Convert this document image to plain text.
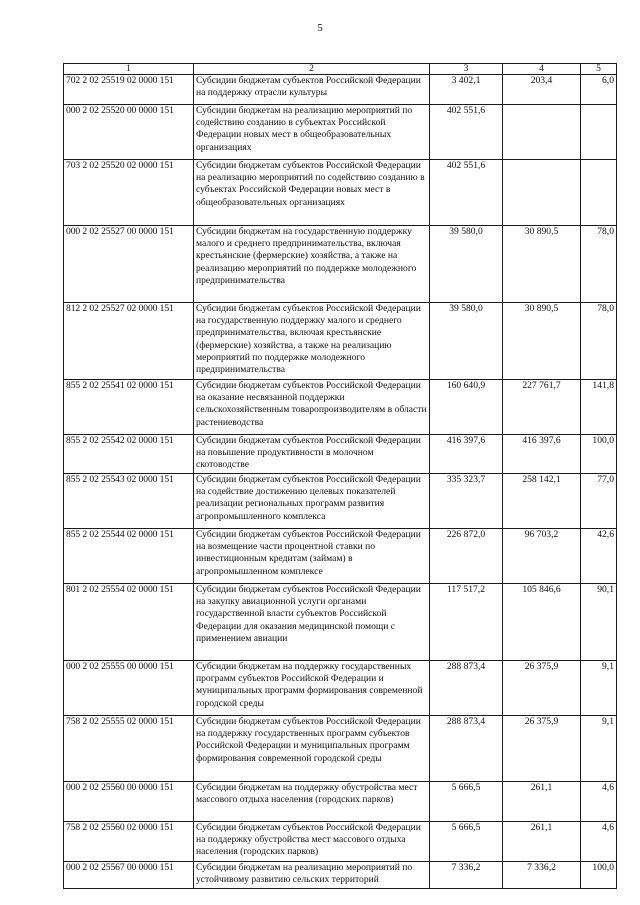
5
1	2	3	4	5
702 2 02 25519 02 0000 151	Субсидии бюджетам субъектов Российской Федерации на поддержку отрасли культуры	3 402,1	203,4	6,0
000 2 02 25520 00 0000 151	Субсидии бюджетам на реализацию мероприятий по содействию созданию в субъектах Российской Федерации новых мест в общеобразовательных организациях	402 551,6		
703 2 02 25520 02 0000 151	Субсидии бюджетам субъектов Российской Федерации на реализацию мероприятий по содействию созданию в субъектах Российской Федерации новых мест в общеобразовательных организациях	402 551,6		
000 2 02 25527 00 0000 151	Субсидии бюджетам на государственную поддержку малого и среднего предпринимательства, включая крестьянские (фермерские) хозяйства, а также на реализацию мероприятий по поддержке молодежного предпринимательства	39 580,0	30 890,5	78,0
812 2 02 25527 02 0000 151	Субсидии бюджетам субъектов Российской Федерации на государственную поддержку малого и среднего предпринимательства, включая крестьянские (фермерские) хозяйства, а также на реализацию мероприятий по поддержке молодежного предпринимательства	39 580,0	30 890,5	78,0
855 2 02 25541 02 0000 151	Субсидии бюджетам субъектов Российской Федерации на оказание несвязанной поддержки сельскохозяйственным товаропроизводителям в области растениеводства	160 640,9	227 761,7	141,8
855 2 02 25542 02 0000 151	Субсидии бюджетам субъектов Российской Федерации на повышение продуктивности в молочном скотоводстве	416 397,6	416 397,6	100,0
855 2 02 25543 02 0000 151	Субсидии бюджетам субъектов Российской Федерации на содействие достижению целевых показателей реализации региональных программ развития агропромышленного комплекса	335 323,7	258 142,1	77,0
855 2 02 25544 02 0000 151	Субсидии бюджетам субъектов Российской Федерации на возмещение части процентной ставки по инвестиционным кредитам (займам) в агропромышленном комплексе	226 872,0	96 703,2	42,6
801 2 02 25554 02 0000 151	Субсидии бюджетам субъектов Российской Федерации на закупку авиационной услуги органами государственной власти субъектов Российской Федерации для оказания медицинской помощи с применением авиации	117 517,2	105 846,6	90,1
000 2 02 25555 00 0000 151	Субсидии бюджетам на поддержку государственных программ субъектов Российской Федерации и муниципальных программ формирования современной городской среды	288 873,4	26 375,9	9,1
758 2 02 25555 02 0000 151	Субсидии бюджетам субъектов Российской Федерации на поддержку государственных программ субъектов Российской Федерации и муниципальных программ формирования современной городской среды	288 873,4	26 375,9	9,1
000 2 02 25560 00 0000 151	Субсидии бюджетам на поддержку обустройства мест массового отдыха населения (городских парков)	5 666,5	261,1	4,6
758 2 02 25560 02 0000 151	Субсидии бюджетам субъектов Российской Федерации на поддержку обустройства мест массового отдыха населения (городских парков)	5 666,5	261,1	4,6
000 2 02 25567 00 0000 151	Субсидии бюджетам на реализацию мероприятий по устойчивому развитию сельских территорий	7 336,2	7 336,2	100,0
